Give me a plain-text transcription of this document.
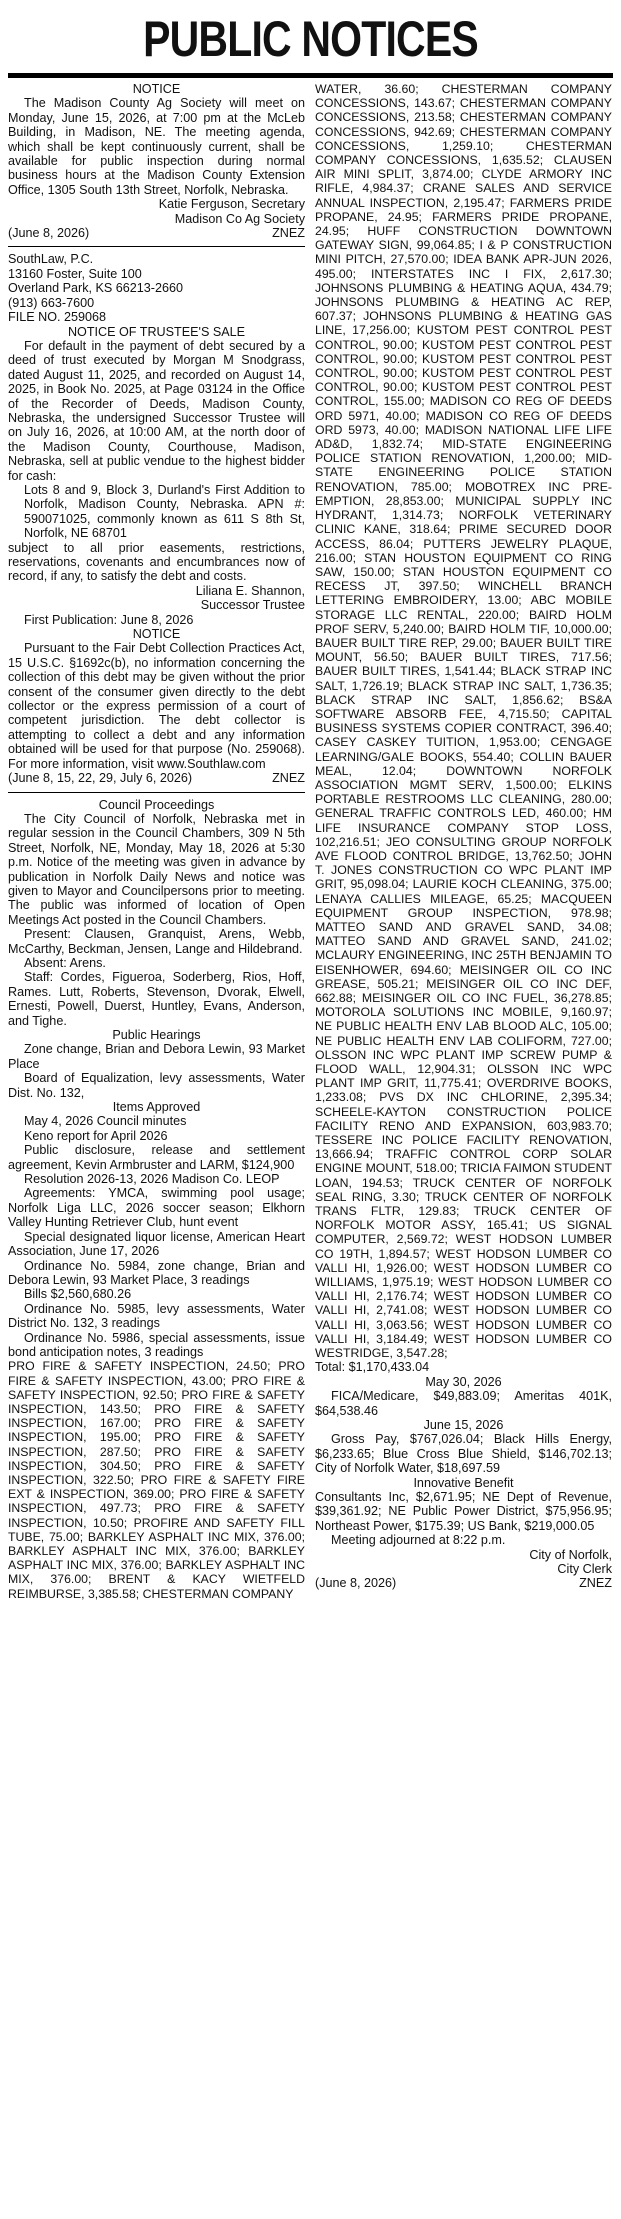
PUBLIC NOTICES

NOTICE

The Madison County Ag Society will meet on Monday, June 15, 2026, at 7:00 pm at the McLeb Building, in Madison, NE. The meeting agenda, which shall be kept continuously current, shall be available for public inspection during normal business hours at the Madison County Extension Office, 1305 South 13th Street, Norfolk, Nebraska.

Katie Ferguson, Secretary

Madison Co Ag Society

(June 8, 2026)	ZNEZ

SouthLaw, P.C.

13160 Foster, Suite 100

Overland Park, KS 66213-2660

(913) 663-7600

FILE NO. 259068

NOTICE OF TRUSTEE'S SALE

For default in the payment of debt secured by a deed of trust executed by Morgan M Snodgrass, dated August 11, 2025, and recorded on August 14, 2025, in Book No. 2025, at Page 03124 in the Office of the Recorder of Deeds, Madison County, Nebraska, the undersigned Successor Trustee will on July 16, 2026, at 10:00 AM, at the north door of the Madison County, Courthouse, Madison, Nebraska, sell at public vendue to the highest bidder for cash:

Lots 8 and 9, Block 3, Durland's First Addition to Norfolk, Madison County, Nebraska. APN #: 590071025, commonly known as 611 S 8th St, Norfolk, NE 68701

subject to all prior easements, restrictions, reservations, covenants and encumbrances now of record, if any, to satisfy the debt and costs.

Liliana E. Shannon,

Successor Trustee

First Publication: June 8, 2026

NOTICE

Pursuant to the Fair Debt Collection Practices Act, 15 U.S.C. §1692c(b), no information concerning the collection of this debt may be given without the prior consent of the consumer given directly to the debt collector or the express permission of a court of competent jurisdiction. The debt collector is attempting to collect a debt and any information obtained will be used for that purpose (No. 259068). For more information, visit www.Southlaw.com

(June 8, 15, 22, 29, July 6, 2026)	ZNEZ

Council Proceedings

The City Council of Norfolk, Nebraska met in regular session in the Council Chambers, 309 N 5th Street, Norfolk, NE, Monday, May 18, 2026 at 5:30 p.m. Notice of the meeting was given in advance by publication in Norfolk Daily News and notice was given to Mayor and Councilpersons prior to meeting. The public was informed of location of Open Meetings Act posted in the Council Chambers.

Present: Clausen, Granquist, Arens, Webb, McCarthy, Beckman, Jensen, Lange and Hildebrand.

Absent: Arens.

Staff: Cordes, Figueroa, Soderberg, Rios, Hoff, Rames. Lutt, Roberts, Stevenson, Dvorak, Elwell, Ernesti, Powell, Duerst, Huntley, Evans, Anderson, and Tighe.

Public Hearings

Zone change, Brian and Debora Lewin, 93 Market Place

Board of Equalization, levy assessments, Water Dist. No. 132,

Items Approved

May 4, 2026 Council minutes

Keno report for April 2026

Public disclosure, release and settlement agreement, Kevin Armbruster and LARM, $124,900

Resolution 2026-13, 2026 Madison Co. LEOP

Agreements: YMCA, swimming pool usage; Norfolk Liga LLC, 2026 soccer season; Elkhorn Valley Hunting Retriever Club, hunt event

Special designated liquor license, American Heart Association, June 17, 2026

Ordinance No. 5984, zone change, Brian and Debora Lewin, 93 Market Place, 3 readings

Bills $2,560,680.26

Ordinance No. 5985, levy assessments, Water District No. 132, 3 readings

Ordinance No. 5986, special assessments, issue bond anticipation notes, 3 readings

PRO FIRE & SAFETY INSPECTION, 24.50; PRO FIRE & SAFETY INSPECTION, 43.00; PRO FIRE & SAFETY INSPECTION, 92.50; PRO FIRE & SAFETY INSPECTION, 143.50; PRO FIRE & SAFETY INSPECTION, 167.00; PRO FIRE & SAFETY INSPECTION, 195.00; PRO FIRE & SAFETY INSPECTION, 287.50; PRO FIRE & SAFETY INSPECTION, 304.50; PRO FIRE & SAFETY INSPECTION, 322.50; PRO FIRE & SAFETY FIRE EXT & INSPECTION, 369.00; PRO FIRE & SAFETY INSPECTION, 497.73; PRO FIRE & SAFETY INSPECTION, 10.50; PROFIRE AND SAFETY FILL TUBE, 75.00; BARKLEY ASPHALT INC MIX, 376.00; BARKLEY ASPHALT INC MIX, 376.00; BARKLEY ASPHALT INC MIX, 376.00; BARKLEY ASPHALT INC MIX, 376.00; BRENT & KACY WIETFELD REIMBURSE, 3,385.58; CHESTERMAN COMPANY

WATER, 36.60; CHESTERMAN COMPANY CONCESSIONS, 143.67; CHESTERMAN COMPANY CONCESSIONS, 213.58; CHESTERMAN COMPANY CONCESSIONS, 942.69; CHESTERMAN COMPANY CONCESSIONS, 1,259.10; CHESTERMAN COMPANY CONCESSIONS, 1,635.52; CLAUSEN AIR MINI SPLIT, 3,874.00; CLYDE ARMORY INC RIFLE, 4,984.37; CRANE SALES AND SERVICE ANNUAL INSPECTION, 2,195.47; FARMERS PRIDE PROPANE, 24.95; FARMERS PRIDE PROPANE, 24.95; HUFF CONSTRUCTION DOWNTOWN GATEWAY SIGN, 99,064.85; I & P CONSTRUCTION MINI PITCH, 27,570.00; IDEA BANK APR-JUN 2026, 495.00; INTERSTATES INC I FIX, 2,617.30; JOHNSONS PLUMBING & HEATING AQUA, 434.79; JOHNSONS PLUMBING & HEATING AC REP, 607.37; JOHNSONS PLUMBING & HEATING GAS LINE, 17,256.00; KUSTOM PEST CONTROL PEST CONTROL, 90.00; KUSTOM PEST CONTROL PEST CONTROL, 90.00; KUSTOM PEST CONTROL PEST CONTROL, 90.00; KUSTOM PEST CONTROL PEST CONTROL, 90.00; KUSTOM PEST CONTROL PEST CONTROL, 155.00; MADISON CO REG OF DEEDS ORD 5971, 40.00; MADISON CO REG OF DEEDS ORD 5973, 40.00; MADISON NATIONAL LIFE LIFE AD&D, 1,832.74; MID-STATE ENGINEERING POLICE STATION RENOVATION, 1,200.00; MID-STATE ENGINEERING POLICE STATION RENOVATION, 785.00; MOBOTREX INC PRE-EMPTION, 28,853.00; MUNICIPAL SUPPLY INC HYDRANT, 1,314.73; NORFOLK VETERINARY CLINIC KANE, 318.64; PRIME SECURED DOOR ACCESS, 86.04; PUTTERS JEWELRY PLAQUE, 216.00; STAN HOUSTON EQUIPMENT CO RING SAW, 150.00; STAN HOUSTON EQUIPMENT CO RECESS JT, 397.50; WINCHELL BRANCH LETTERING EMBROIDERY, 13.00; ABC MOBILE STORAGE LLC RENTAL, 220.00; BAIRD HOLM PROF SERV, 5,240.00; BAIRD HOLM TIF, 10,000.00; BAUER BUILT TIRE REP, 29.00; BAUER BUILT TIRE MOUNT, 56.50; BAUER BUILT TIRES, 717.56; BAUER BUILT TIRES, 1,541.44; BLACK STRAP INC SALT, 1,726.19; BLACK STRAP INC SALT, 1,736.35; BLACK STRAP INC SALT, 1,856.62; BS&A SOFTWARE ABSORB FEE, 4,715.50; CAPITAL BUSINESS SYSTEMS COPIER CONTRACT, 396.40; CASEY CASKEY TUITION, 1,953.00; CENGAGE LEARNING/GALE BOOKS, 554.40; COLLIN BAUER MEAL, 12.04; DOWNTOWN NORFOLK ASSOCIATION MGMT SERV, 1,500.00; ELKINS PORTABLE RESTROOMS LLC CLEANING, 280.00; GENERAL TRAFFIC CONTROLS LED, 460.00; HM LIFE INSURANCE COMPANY STOP LOSS, 102,216.51; JEO CONSULTING GROUP NORFOLK AVE FLOOD CONTROL BRIDGE, 13,762.50; JOHN T. JONES CONSTRUCTION CO WPC PLANT IMP GRIT, 95,098.04; LAURIE KOCH CLEANING, 375.00; LENAYA CALLIES MILEAGE, 65.25; MACQUEEN EQUIPMENT GROUP INSPECTION, 978.98; MATTEO SAND AND GRAVEL SAND, 34.08; MATTEO SAND AND GRAVEL SAND, 241.02; MCLAURY ENGINEERING, INC 25TH BENJAMIN TO EISENHOWER, 694.60; MEISINGER OIL CO INC GREASE, 505.21; MEISINGER OIL CO INC DEF, 662.88; MEISINGER OIL CO INC FUEL, 36,278.85; MOTOROLA SOLUTIONS INC MOBILE, 9,160.97; NE PUBLIC HEALTH ENV LAB BLOOD ALC, 105.00; NE PUBLIC HEALTH ENV LAB COLIFORM, 727.00; OLSSON INC WPC PLANT IMP SCREW PUMP & FLOOD WALL, 12,904.31; OLSSON INC WPC PLANT IMP GRIT, 11,775.41; OVERDRIVE BOOKS, 1,233.08; PVS DX INC CHLORINE, 2,395.34; SCHEELE-KAYTON CONSTRUCTION POLICE FACILITY RENO AND EXPANSION, 603,983.70; TESSERE INC POLICE FACILITY RENOVATION, 13,666.94; TRAFFIC CONTROL CORP SOLAR ENGINE MOUNT, 518.00; TRICIA FAIMON STUDENT LOAN, 194.53; TRUCK CENTER OF NORFOLK SEAL RING, 3.30; TRUCK CENTER OF NORFOLK TRANS FLTR, 129.83; TRUCK CENTER OF NORFOLK MOTOR ASSY, 165.41; US SIGNAL COMPUTER, 2,569.72; WEST HODSON LUMBER CO 19TH, 1,894.57; WEST HODSON LUMBER CO VALLI HI, 1,926.00; WEST HODSON LUMBER CO WILLIAMS, 1,975.19; WEST HODSON LUMBER CO VALLI HI, 2,176.74; WEST HODSON LUMBER CO VALLI HI, 2,741.08; WEST HODSON LUMBER CO VALLI HI, 3,063.56; WEST HODSON LUMBER CO VALLI HI, 3,184.49; WEST HODSON LUMBER CO WESTRIDGE, 3,547.28;

Total: $1,170,433.04

May 30, 2026

FICA/Medicare, $49,883.09; Ameritas 401K, $64,538.46

June 15, 2026

Gross Pay, $767,026.04; Black Hills Energy, $6,233.65; Blue Cross Blue Shield, $146,702.13; City of Norfolk Water, $18,697.59

Innovative Benefit

Consultants Inc, $2,671.95; NE Dept of Revenue, $39,361.92; NE Public Power District, $75,956.95; Northeast Power, $175.39; US Bank, $219,000.05

Meeting adjourned at 8:22 p.m.

City of Norfolk,

City Clerk

(June 8, 2026)	ZNEZ
